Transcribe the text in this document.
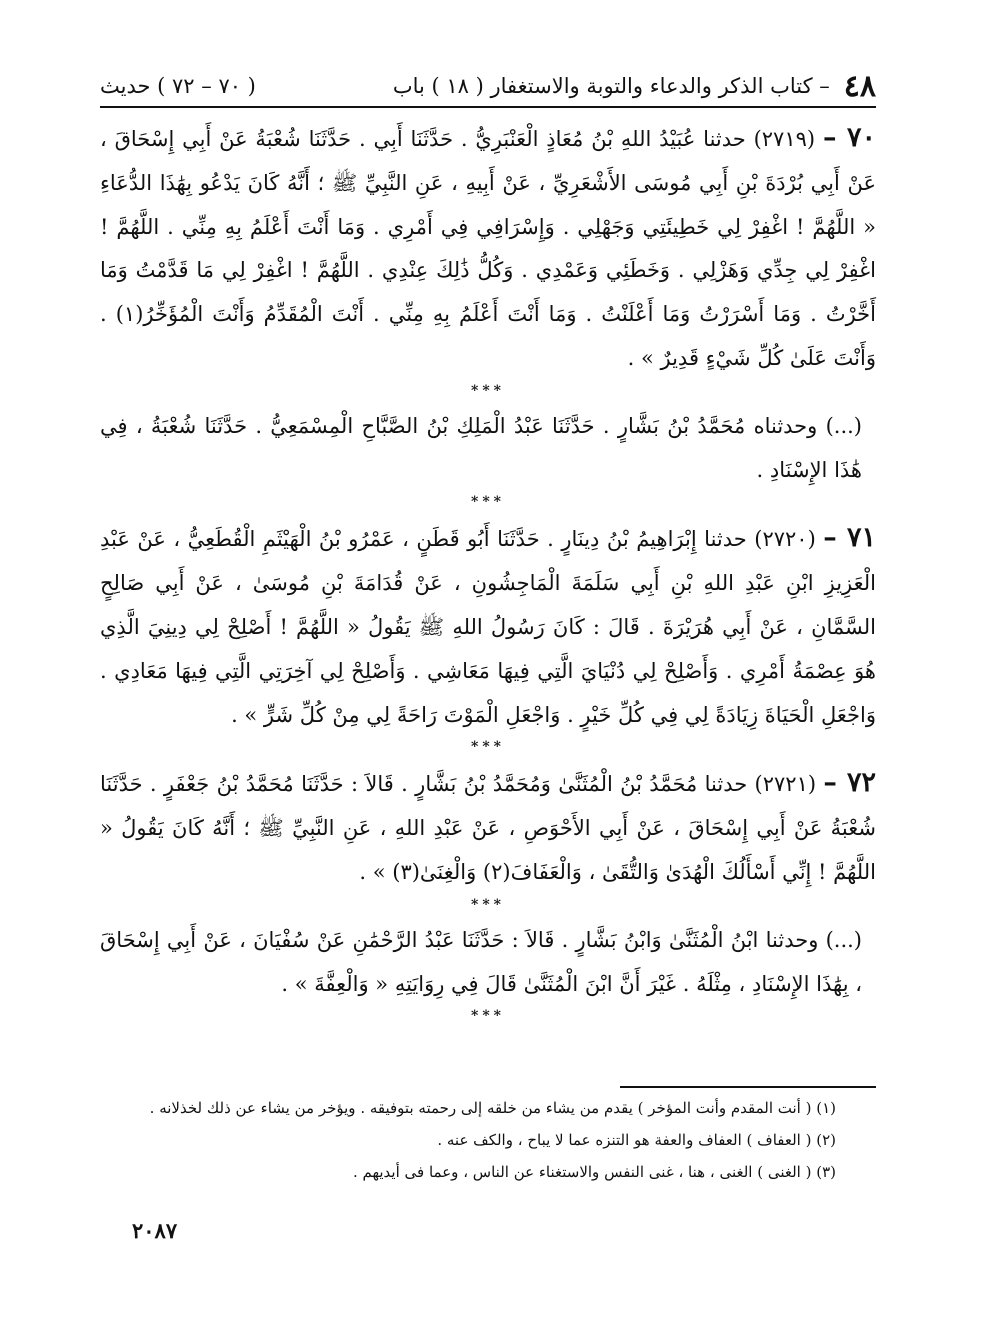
٤٨
– كتاب الذكر والدعاء والتوبة والاستغفار ( ١٨ ) باب
( ٧٠ – ٧٢ ) حديث

٧٠ – (٢٧١٩) حدثنا عُبَيْدُ اللهِ بْنُ مُعَاذٍ الْعَنْبَرِيُّ . حَدَّثَنَا أَبِي . حَدَّثَنَا شُعْبَةُ عَنْ أَبِي إِسْحَاقَ ، عَنْ أَبِي بُرْدَةَ بْنِ أَبِي مُوسَى الأَشْعَرِيِّ ، عَنْ أَبِيهِ ، عَنِ النَّبِيِّ ﷺ ؛ أَنَّهُ كَانَ يَدْعُو بِهَٰذَا الدُّعَاءِ « اللَّهُمَّ ! اغْفِرْ لِي خَطِيئَتِي وَجَهْلِي . وَإِسْرَافِي فِي أَمْرِي . وَمَا أَنْتَ أَعْلَمُ بِهِ مِنِّي . اللَّهُمَّ ! اغْفِرْ لِي جِدِّي وَهَزْلِي . وَخَطَئِي وَعَمْدِي . وَكُلُّ ذَٰلِكَ عِنْدِي . اللَّهُمَّ ! اغْفِرْ لِي مَا قَدَّمْتُ وَمَا أَخَّرْتُ . وَمَا أَسْرَرْتُ وَمَا أَعْلَنْتُ . وَمَا أَنْتَ أَعْلَمُ بِهِ مِنِّي . أَنْتَ الْمُقَدِّمُ وَأَنْتَ الْمُؤَخِّرُ(١) . وَأَنْتَ عَلَىٰ كُلِّ شَيْءٍ قَدِيرٌ » .

***

(...) وحدثناه مُحَمَّدُ بْنُ بَشَّارٍ . حَدَّثَنَا عَبْدُ الْمَلِكِ بْنُ الصَّبَّاحِ الْمِسْمَعِيُّ . حَدَّثَنَا شُعْبَةُ ، فِي هَٰذَا الإِسْنَادِ .

***

٧١ – (٢٧٢٠) حدثنا إِبْرَاهِيمُ بْنُ دِينَارٍ . حَدَّثَنَا أَبُو قَطَنٍ ، عَمْرُو بْنُ الْهَيْثَمِ الْقُطَعِيُّ ، عَنْ عَبْدِ الْعَزِيزِ ابْنِ عَبْدِ اللهِ بْنِ أَبِي سَلَمَةَ الْمَاجِشُونِ ، عَنْ قُدَامَةَ بْنِ مُوسَىٰ ، عَنْ أَبِي صَالِحٍ السَّمَّانِ ، عَنْ أَبِي هُرَيْرَةَ . قَالَ : كَانَ رَسُولُ اللهِ ﷺ يَقُولُ « اللَّهُمَّ ! أَصْلِحْ لِي دِينِيَ الَّذِي هُوَ عِصْمَةُ أَمْرِي . وَأَصْلِحْ لِي دُنْيَايَ الَّتِي فِيهَا مَعَاشِي . وَأَصْلِحْ لِي آخِرَتِي الَّتِي فِيهَا مَعَادِي . وَاجْعَلِ الْحَيَاةَ زِيَادَةً لِي فِي كُلِّ خَيْرٍ . وَاجْعَلِ الْمَوْتَ رَاحَةً لِي مِنْ كُلِّ شَرٍّ » .

***

٧٢ – (٢٧٢١) حدثنا مُحَمَّدُ بْنُ الْمُثَنَّىٰ وَمُحَمَّدُ بْنُ بَشَّارٍ . قَالاَ : حَدَّثَنَا مُحَمَّدُ بْنُ جَعْفَرٍ . حَدَّثَنَا شُعْبَةُ عَنْ أَبِي إِسْحَاقَ ، عَنْ أَبِي الأَحْوَصِ ، عَنْ عَبْدِ اللهِ ، عَنِ النَّبِيِّ ﷺ ؛ أَنَّهُ كَانَ يَقُولُ « اللَّهُمَّ ! إِنِّي أَسْأَلُكَ الْهُدَىٰ وَالتُّقَىٰ ، وَالْعَفَافَ(٢) وَالْغِنَىٰ(٣) » .

***

(...) وحدثنا ابْنُ الْمُثَنَّىٰ وَابْنُ بَشَّارٍ . قَالاَ : حَدَّثَنَا عَبْدُ الرَّحْمَٰنِ عَنْ سُفْيَانَ ، عَنْ أَبِي إِسْحَاقَ ، بِهَٰذَا الإِسْنَادِ ، مِثْلَهُ . غَيْرَ أَنَّ ابْنَ الْمُثَنَّىٰ قَالَ فِي رِوَايَتِهِ « وَالْعِفَّةَ » .

***

(١) ( أنت المقدم وأنت المؤخر ) يقدم من يشاء من خلقه إلى رحمته بتوفيقه . ويؤخر من يشاء عن ذلك لخذلانه .

(٢) ( العفاف ) العفاف والعفة هو التنزه عما لا يباح ، والكف عنه .

(٣) ( الغنى ) الغنى ، هنا ، غنى النفس والاستغناء عن الناس ، وعما فى أيديهم .

٢٠٨٧
